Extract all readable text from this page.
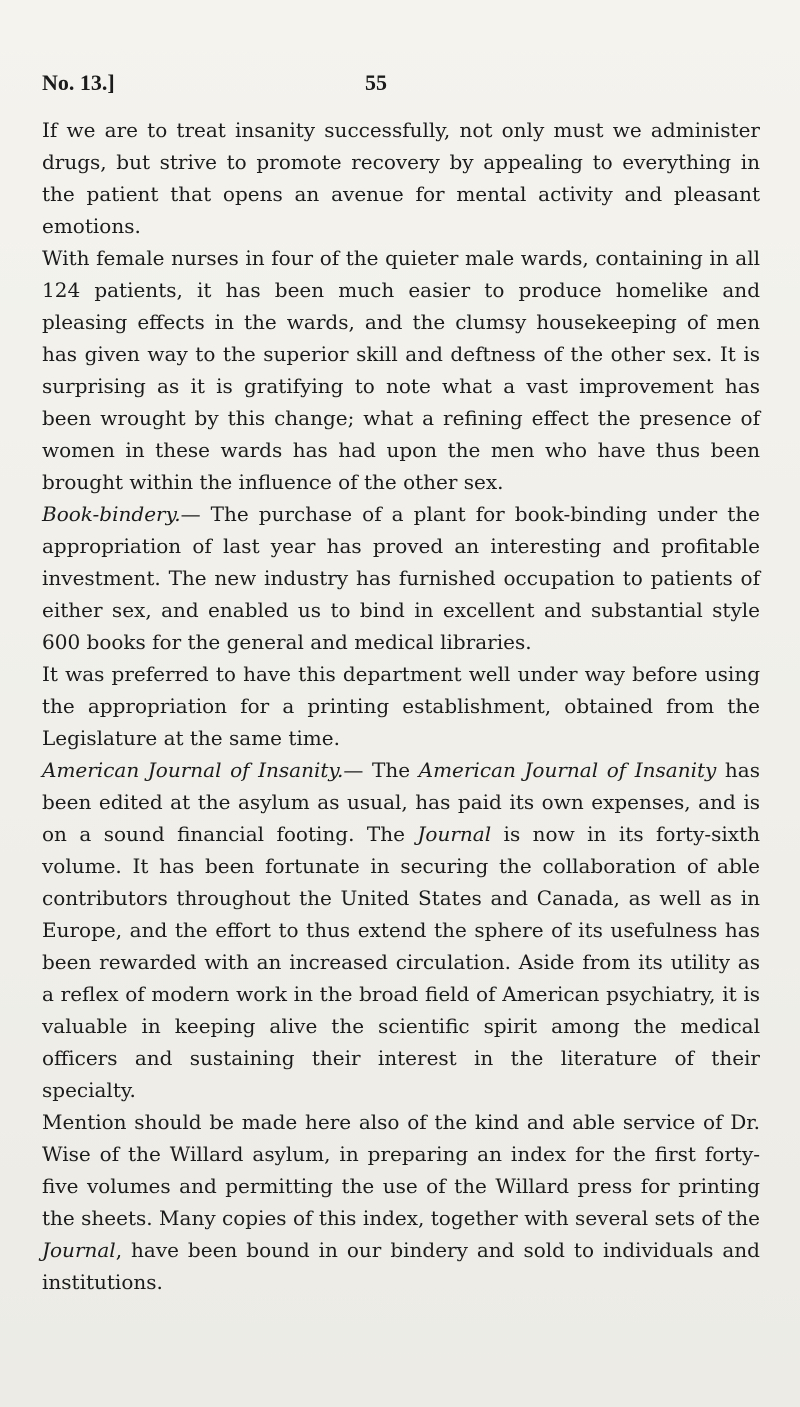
No. 13.]	55

If we are to treat insanity successfully, not only must we administer drugs, but strive to promote recovery by appealing to everything in the patient that opens an avenue for mental activity and pleasant emotions.

With female nurses in four of the quieter male wards, containing in all 124 patients, it has been much easier to produce homelike and pleasing effects in the wards, and the clumsy housekeeping of men has given way to the superior skill and deftness of the other sex. It is surprising as it is gratifying to note what a vast improvement has been wrought by this change; what a refining effect the presence of women in these wards has had upon the men who have thus been brought within the influence of the other sex.

Book-bindery.— The purchase of a plant for book-binding under the appropriation of last year has proved an interesting and profitable investment. The new industry has furnished occupation to patients of either sex, and enabled us to bind in excellent and substantial style 600 books for the general and medical libraries.

It was preferred to have this department well under way before using the appropriation for a printing establishment, obtained from the Legislature at the same time.

American Journal of Insanity.— The American Journal of Insanity has been edited at the asylum as usual, has paid its own expenses, and is on a sound financial footing. The Journal is now in its forty-sixth volume. It has been fortunate in securing the collaboration of able contributors throughout the United States and Canada, as well as in Europe, and the effort to thus extend the sphere of its usefulness has been rewarded with an increased circulation. Aside from its utility as a reflex of modern work in the broad field of American psychiatry, it is valuable in keeping alive the scientific spirit among the medical officers and sustaining their interest in the literature of their specialty.

Mention should be made here also of the kind and able service of Dr. Wise of the Willard asylum, in preparing an index for the first forty-five volumes and permitting the use of the Willard press for printing the sheets. Many copies of this index, together with several sets of the Journal, have been bound in our bindery and sold to individuals and institutions.
